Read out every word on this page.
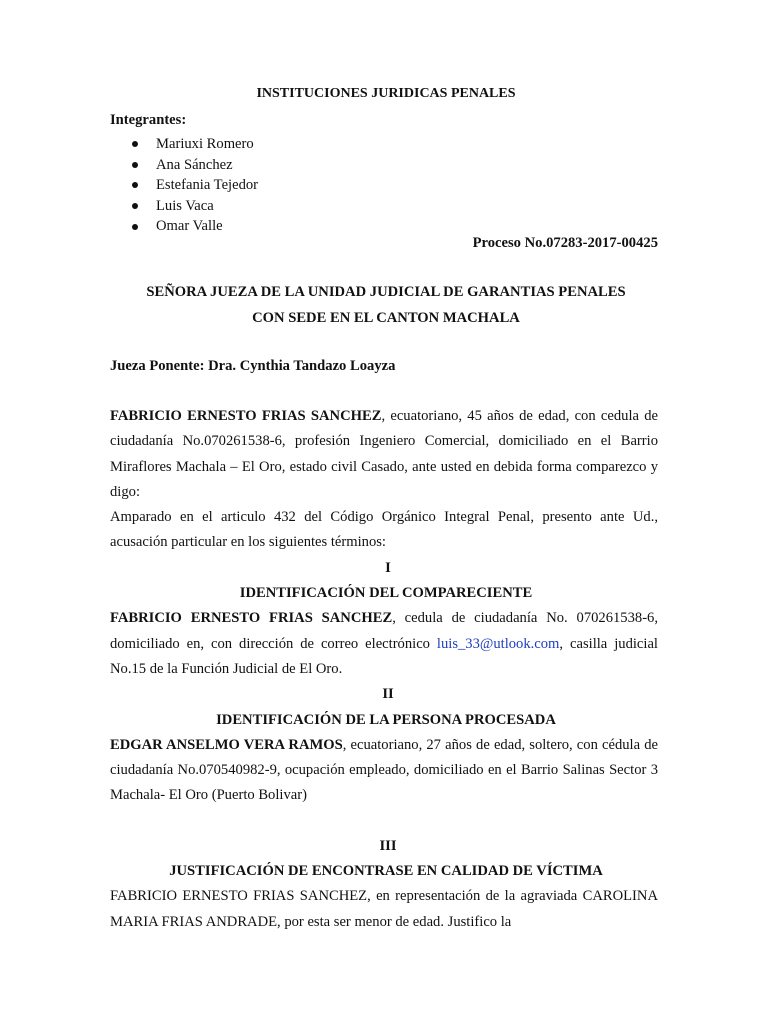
INSTITUCIONES JURIDICAS PENALES

Integrantes:

Mariuxi Romero
Ana Sánchez
Estefania Tejedor
Luis Vaca
Omar Valle

Proceso No.07283-2017-00425

SEÑORA JUEZA DE LA UNIDAD JUDICIAL DE GARANTIAS PENALES
CON SEDE EN EL CANTON MACHALA

Jueza Ponente: Dra. Cynthia Tandazo Loayza

FABRICIO ERNESTO FRIAS SANCHEZ, ecuatoriano, 45 años de edad, con cedula de ciudadanía No.070261538-6, profesión Ingeniero Comercial, domiciliado en el Barrio Miraflores Machala – El Oro, estado civil Casado, ante usted en debida forma comparezco y digo:

Amparado en el articulo 432 del Código Orgánico Integral Penal, presento ante Ud., acusación particular en los siguientes términos:

I

IDENTIFICACIÓN DEL COMPARECIENTE

FABRICIO ERNESTO FRIAS SANCHEZ, cedula de ciudadanía No. 070261538-6, domiciliado en, con dirección de correo electrónico luis_33@utlook.com, casilla judicial No.15 de la Función Judicial de El Oro.

II

IDENTIFICACIÓN DE LA PERSONA PROCESADA

EDGAR ANSELMO VERA RAMOS, ecuatoriano, 27 años de edad, soltero, con cédula de ciudadanía No.070540982-9, ocupación empleado, domiciliado en el Barrio Salinas Sector 3 Machala- El Oro (Puerto Bolivar)

III

JUSTIFICACIÓN DE ENCONTRASE EN CALIDAD DE VÍCTIMA

FABRICIO ERNESTO FRIAS SANCHEZ, en representación de la agraviada CAROLINA MARIA FRIAS ANDRADE, por esta ser menor de edad. Justifico la
